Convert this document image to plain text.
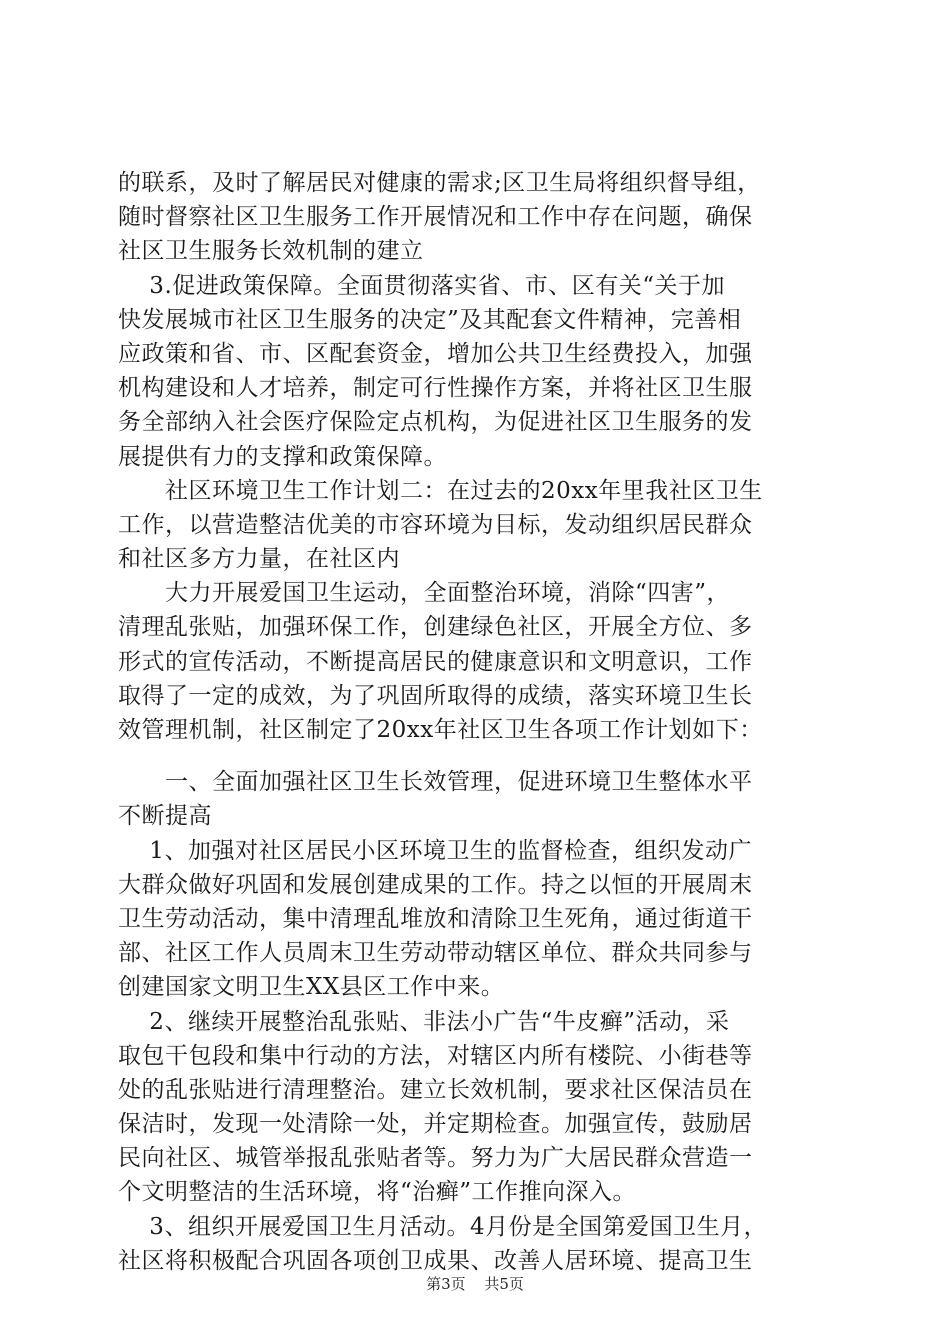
的联系，及时了解居民对健康的需求;区卫生局将组织督导组，
随时督察社区卫生服务工作开展情况和工作中存在问题，确保
社区卫生服务长效机制的建立
　 3.促进政策保障。全面贯彻落实省、市、区有关“关于加
快发展城市社区卫生服务的决定”及其配套文件精神，完善相
应政策和省、市、区配套资金，增加公共卫生经费投入，加强
机构建设和人才培养，制定可行性操作方案，并将社区卫生服
务全部纳入社会医疗保险定点机构，为促进社区卫生服务的发
展提供有力的支撑和政策保障。
　　社区环境卫生工作计划二：在过去的20xx年里我社区卫生
工作，以营造整洁优美的市容环境为目标，发动组织居民群众
和社区多方力量，在社区内
　　大力开展爱国卫生运动，全面整治环境，消除“四害”，
清理乱张贴，加强环保工作，创建绿色社区，开展全方位、多
形式的宣传活动，不断提高居民的健康意识和文明意识，工作
取得了一定的成效，为了巩固所取得的成绩，落实环境卫生长
效管理机制，社区制定了20xx年社区卫生各项工作计划如下：
　　一、全面加强社区卫生长效管理，促进环境卫生整体水平
不断提高
　 1、加强对社区居民小区环境卫生的监督检查，组织发动广
大群众做好巩固和发展创建成果的工作。持之以恒的开展周末
卫生劳动活动，集中清理乱堆放和清除卫生死角，通过街道干
部、社区工作人员周末卫生劳动带动辖区单位、群众共同参与
创建国家文明卫生XX县区工作中来。
　 2、继续开展整治乱张贴、非法小广告“牛皮癣”活动，采
取包干包段和集中行动的方法，对辖区内所有楼院、小街巷等
处的乱张贴进行清理整治。建立长效机制，要求社区保洁员在
保洁时，发现一处清除一处，并定期检查。加强宣传，鼓励居
民向社区、城管举报乱张贴者等。努力为广大居民群众营造一
个文明整洁的生活环境，将“治癣”工作推向深入。
　 3、组织开展爱国卫生月活动。4月份是全国第爱国卫生月，
社区将积极配合巩固各项创卫成果、改善人居环境、提高卫生
第3页 共5页
